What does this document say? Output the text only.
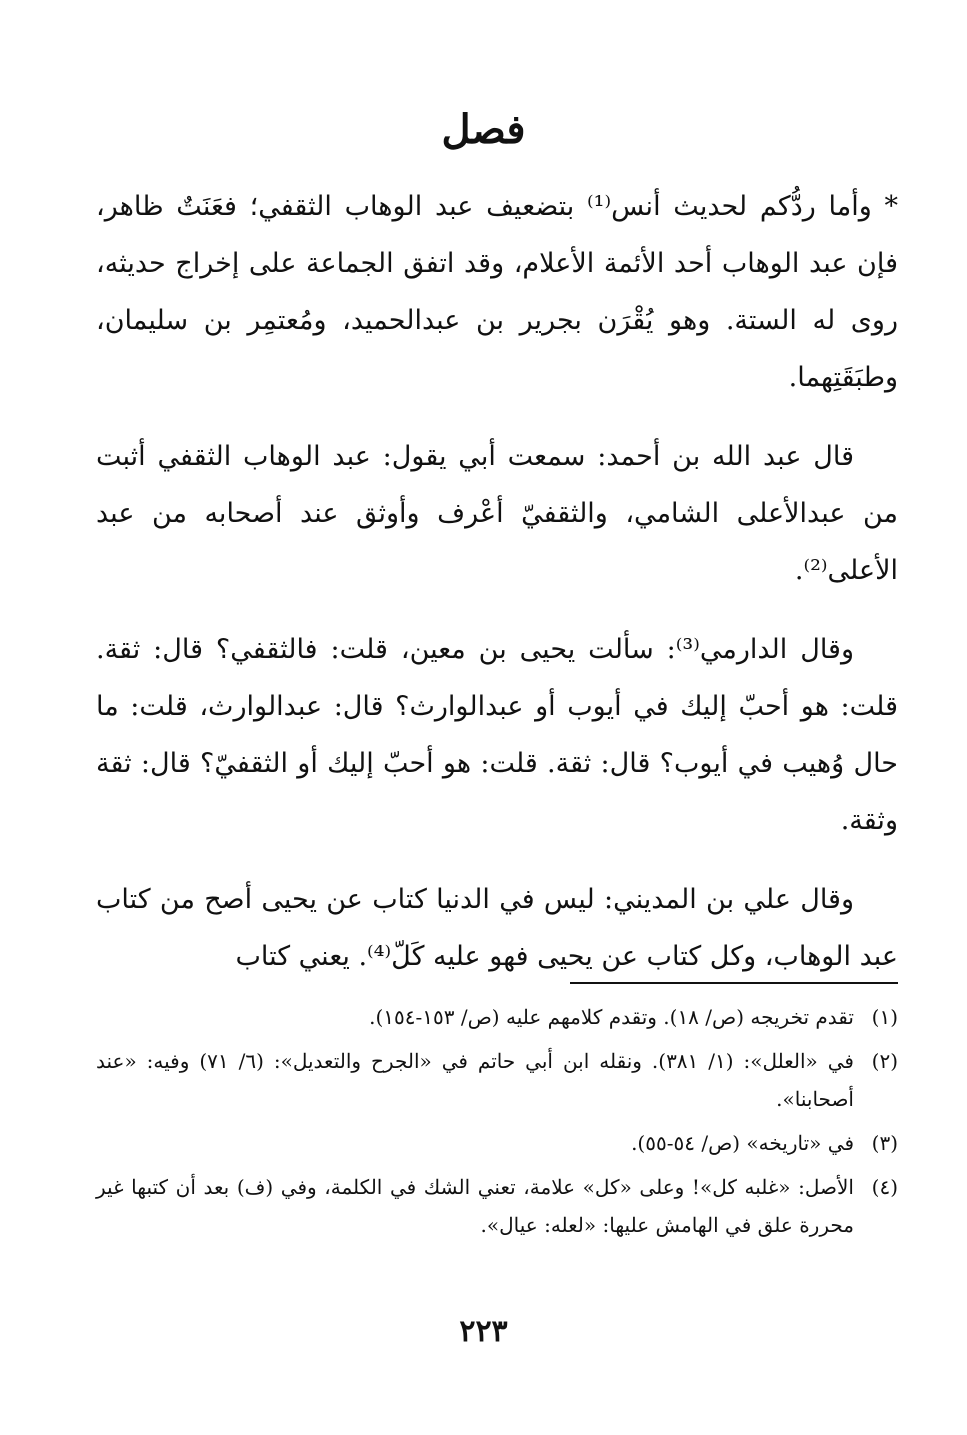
فصل

* وأما ردُّكم لحديث أنس⁽¹⁾ بتضعيف عبد الوهاب الثقفي؛ فعَنَتٌ ظاهر، فإن عبد الوهاب أحد الأئمة الأعلام، وقد اتفق الجماعة على إخراج حديثه، روى له الستة. وهو يُقْرَن بجرير بن عبدالحميد، ومُعتمِر بن سليمان، وطبَقَتِهما.

قال عبد الله بن أحمد: سمعت أبي يقول: عبد الوهاب الثقفي أثبت من عبدالأعلى الشامي، والثقفيّ أعْرف وأوثق عند أصحابه من عبد الأعلى⁽²⁾.

وقال الدارمي⁽³⁾: سألت يحيى بن معين، قلت: فالثقفي؟ قال: ثقة. قلت: هو أحبّ إليك في أيوب أو عبدالوارث؟ قال: عبدالوارث، قلت: ما حال وُهيب في أيوب؟ قال: ثقة. قلت: هو أحبّ إليك أو الثقفيّ؟ قال: ثقة وثقة.

وقال علي بن المديني: ليس في الدنيا كتاب عن يحيى أصح من كتاب عبد الوهاب، وكل كتاب عن يحيى فهو عليه كَلّ⁽⁴⁾. يعني كتاب

(١)
تقدم تخريجه (ص/ ١٨). وتقدم كلامهم عليه (ص/ ١٥٣-١٥٤).
(٢)
في «العلل»: (١/ ٣٨١). ونقله ابن أبي حاتم في «الجرح والتعديل»: (٦/ ٧١) وفيه: «عند أصحابنا».
(٣)
في «تاريخه» (ص/ ٥٤-٥٥).
(٤)
الأصل: «غلبه كل»! وعلى «كل» علامة، تعني الشك في الكلمة، وفي (ف) بعد أن كتبها غير محررة علق في الهامش عليها: «لعله: عيال».
٢٢٣
